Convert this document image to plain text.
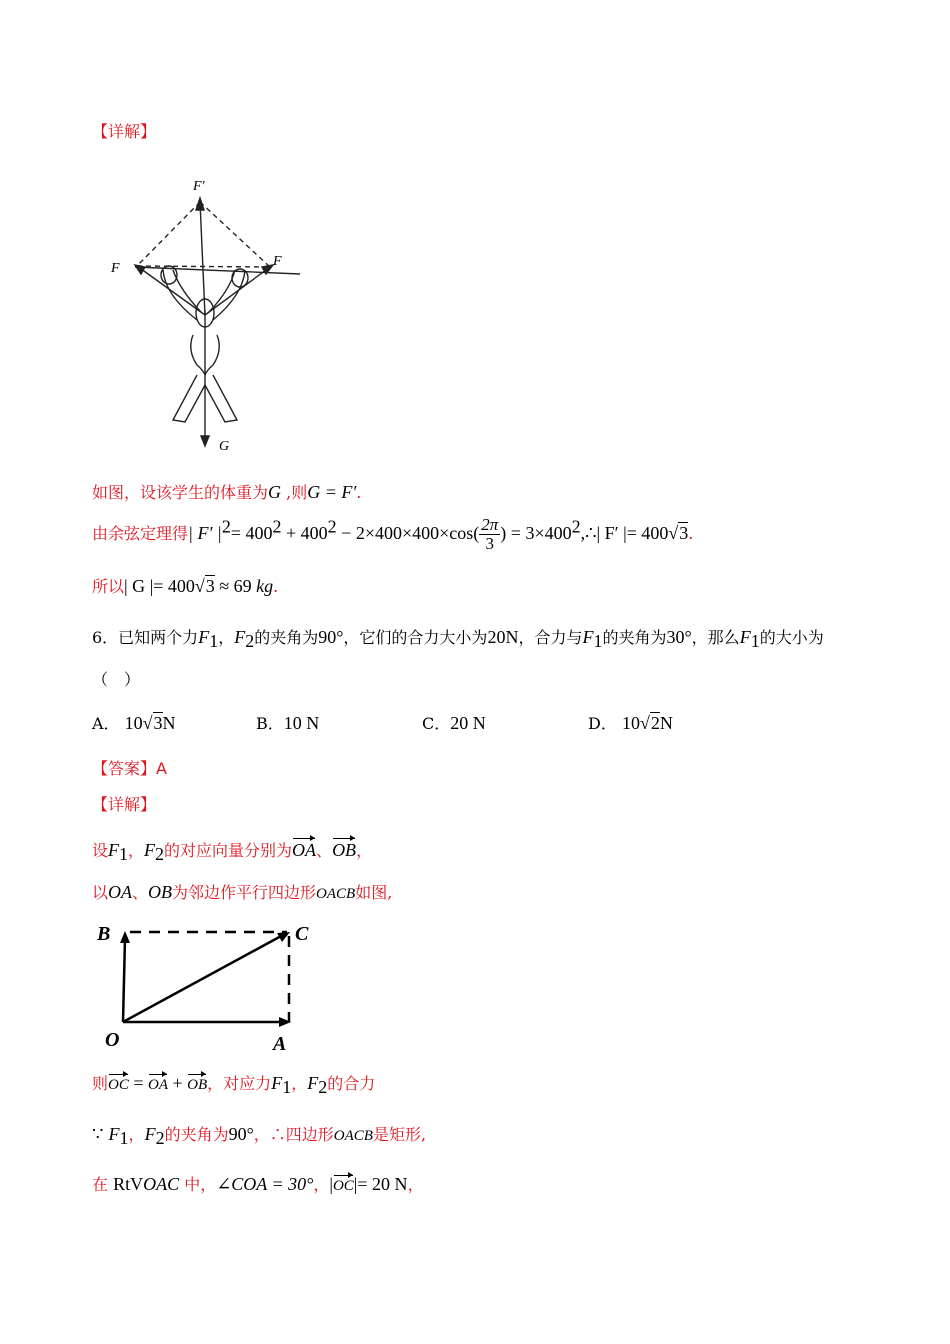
【详解】
F′
F	F
G
如图，设该学生的体重为G ,则G = F′.
由余弦定理得| F′ $|^2= 400^2 + 400^2 - 2\times 400\times 400\times\cos( \frac{2\pi}{3}$ ) = $3\times 400^2,\therefore|$ F′ |= 400√3.
所以| G |= 400√3 ≈ 69 kg.
6．已知两个力$F_1$，$F_2$的夹角为90°，它们的合力大小为20N，合力与$F_1$的夹角为30°，那么$F_1$的大小为
（　）
A． 10√3N	B．10 N	C．20 N	D． 10√2N
【答案】A
【详解】
设$F_1$，$F_2$的对应向量分别为OA、OB，
以OA、OB为邻边作平行四边形OACB如图,
B	C
O	A
则OC = OA + OB，对应力$F_1$，$F_2$的合力
∵ $F_1$，$F_2$的夹角为90°，∴四边形OACB是矩形,
在 RtVOAC 中，∠COA = 30°，|OC|= 20 N，
